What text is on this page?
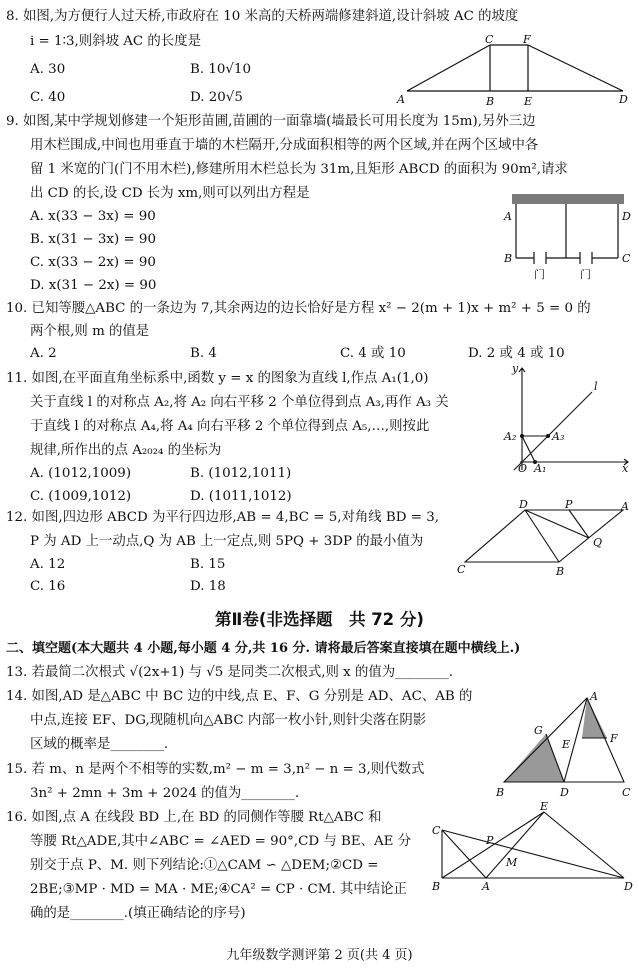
8. 如图,为方便行人过天桥,市政府在 10 米高的天桥两端修建斜道,设计斜坡 AC 的坡度
i = 1∶3,则斜坡 AC 的长度是
A. 30	B. 10√10
C. 40	D. 20√5
C	F
A	B	E	D
9. 如图,某中学规划修建一个矩形苗圃,苗圃的一面靠墙(墙最长可用长度为 15m),另外三边
用木栏围成,中间也用垂直于墙的木栏隔开,分成面积相等的两个区域,并在两个区域中各
留 1 米宽的门(门不用木栏),修建所用木栏总长为 31m,且矩形 ABCD 的面积为 90m²,请求
出 CD 的长,设 CD 长为 xm,则可以列出方程是
A. x(33 − 3x) = 90
B. x(31 − 3x) = 90
C. x(33 − 2x) = 90
D. x(31 − 2x) = 90
A	D
B	C
门	门
10. 已知等腰△ABC 的一条边为 7,其余两边的边长恰好是方程 x² − 2(m + 1)x + m² + 5 = 0 的
两个根,则 m 的值是
A. 2	B. 4	C. 4 或 10	D. 2 或 4 或 10
11. 如图,在平面直角坐标系中,函数 y = x 的图象为直线 l,作点 A₁(1,0)
关于直线 l 的对称点 A₂,将 A₂ 向右平移 2 个单位得到点 A₃,再作 A₃ 关
于直线 l 的对称点 A₄,将 A₄ 向右平移 2 个单位得到点 A₅,…,则按此
规律,所作出的点 A₂₀₂₄ 的坐标为
A. (1012,1009)	B. (1012,1011)
C. (1009,1012)	D. (1011,1012)
y
l
A₂	A₃
O A₁	x
12. 如图,四边形 ABCD 为平行四边形,AB = 4,BC = 5,对角线 BD = 3,
P 为 AD 上一动点,Q 为 AB 上一定点,则 5PQ + 3DP 的最小值为
A. 12	B. 15
C. 16	D. 18
D	P	A
Q
C	B
第Ⅱ卷(非选择题　共 72 分)
二、填空题(本大题共 4 小题,每小题 4 分,共 16 分. 请将最后答案直接填在题中横线上.)
13. 若最简二次根式 √(2x+1) 与 √5 是同类二次根式,则 x 的值为________.
14. 如图,AD 是△ABC 中 BC 边的中线,点 E、F、G 分别是 AD、AC、AB 的
中点,连接 EF、DG,现随机向△ABC 内部一枚小针,则针尖落在阴影
区域的概率是________.
A
G
E	F
B	D	C
15. 若 m、n 是两个不相等的实数,m² − m = 3,n² − n = 3,则代数式
3n² + 2mn + 3m + 2024 的值为________.
16. 如图,点 A 在线段 BD 上,在 BD 的同侧作等腰 Rt△ABC 和
等腰 Rt△ADE,其中∠ABC = ∠AED = 90°,CD 与 BE、AE 分
别交于点 P、M. 则下列结论:①△CAM ∽ △DEM;②CD =
2BE;③MP · MD = MA · ME;④CA² = CP · CM. 其中结论正
确的是________.(填正确结论的序号)
E
C
P
M
B	A	D
九年级数学测评第 2 页(共 4 页)
